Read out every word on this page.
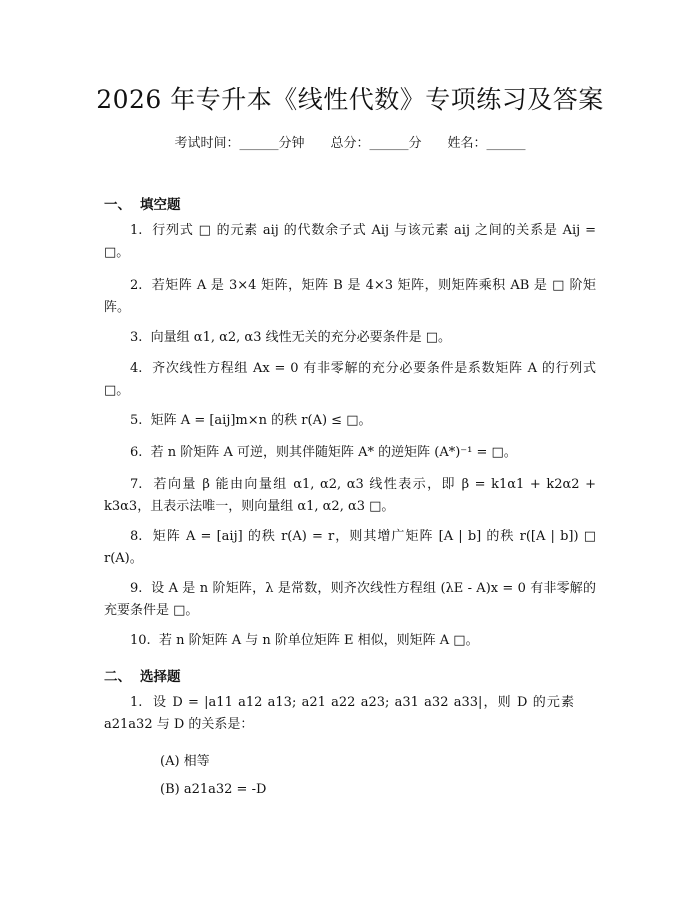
2026 年专升本《线性代数》专项练习及答案
考试时间：______分钟 总分：______分 姓名：______
一、 填空题
1. 行列式 □ 的元素 aij 的代数余子式 Aij 与该元素 aij 之间的关系是 Aij = □。
2. 若矩阵 A 是 3×4 矩阵，矩阵 B 是 4×3 矩阵，则矩阵乘积 AB 是 □ 阶矩阵。
3. 向量组 α1, α2, α3 线性无关的充分必要条件是 □。
4. 齐次线性方程组 Ax = 0 有非零解的充分必要条件是系数矩阵 A 的行列式 □。
5. 矩阵 A = [aij]m×n 的秩 r(A) ≤ □。
6. 若 n 阶矩阵 A 可逆，则其伴随矩阵 A* 的逆矩阵 (A*)⁻¹ = □。
7. 若向量 β 能由向量组 α1, α2, α3 线性表示，即 β = k1α1 + k2α2 + k3α3，且表示法唯一，则向量组 α1, α2, α3 □。
8. 矩阵 A = [aij] 的秩 r(A) = r，则其增广矩阵 [A | b] 的秩 r([A | b]) □ r(A)。
9. 设 A 是 n 阶矩阵，λ 是常数，则齐次线性方程组 (λE - A)x = 0 有非零解的充要条件是 □。
10. 若 n 阶矩阵 A 与 n 阶单位矩阵 E 相似，则矩阵 A □。
二、 选择题
1. 设 D = |a11 a12 a13; a21 a22 a23; a31 a32 a33|，则 D 的元素 a21a32 与 D 的关系是：
(A) 相等
(B) a21a32 = -D
